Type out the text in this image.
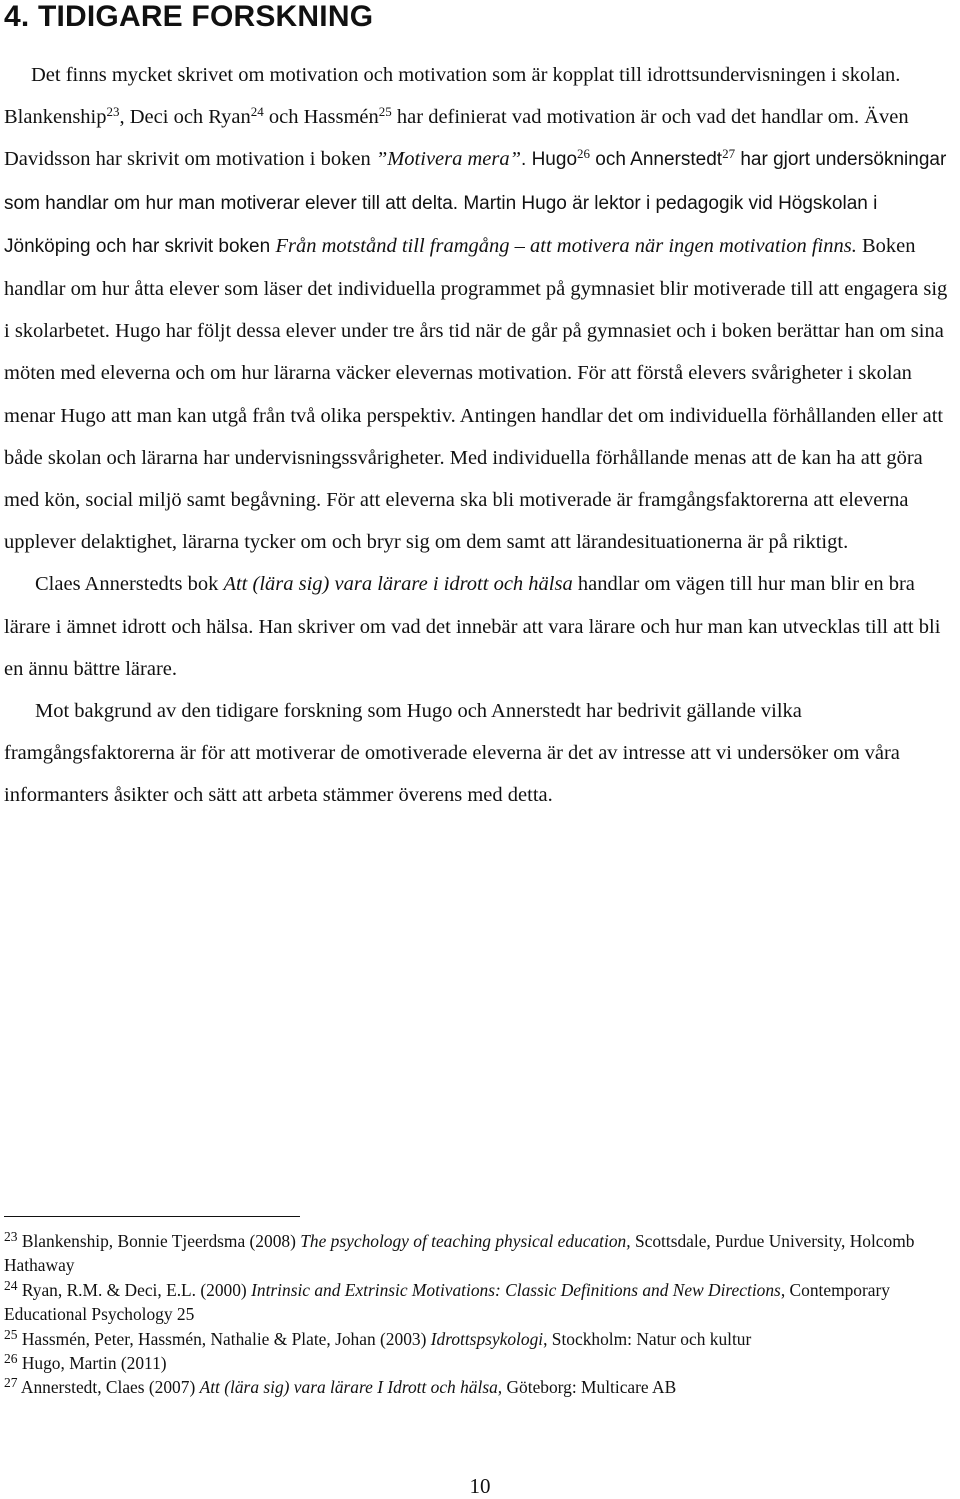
4. TIDIGARE FORSKNING

Det finns mycket skrivet om motivation och motivation som är kopplat till idrottsundervisningen i skolan. Blankenship$^{23}$, Deci och Ryan$^{24}$ och Hassmén$^{25}$ har definierat vad motivation är och vad det handlar om. Även Davidsson har skrivit om motivation i boken ”Motivera mera”. Hugo$^{26}$ och Annerstedt$^{27}$ har gjort undersökningar som handlar om hur man motiverar elever till att delta. Martin Hugo är lektor i pedagogik vid Högskolan i Jönköping och har skrivit boken Från motstånd till framgång – att motivera när ingen motivation finns. Boken handlar om hur åtta elever som läser det individuella programmet på gymnasiet blir motiverade till att engagera sig i skolarbetet. Hugo har följt dessa elever under tre års tid när de går på gymnasiet och i boken berättar han om sina möten med eleverna och om hur lärarna väcker elevernas motivation. För att förstå elevers svårigheter i skolan menar Hugo att man kan utgå från två olika perspektiv. Antingen handlar det om individuella förhållanden eller att både skolan och lärarna har undervisningssvårigheter. Med individuella förhållande menas att de kan ha att göra med kön, social miljö samt begåvning. För att eleverna ska bli motiverade är framgångsfaktorerna att eleverna upplever delaktighet, lärarna tycker om och bryr sig om dem samt att lärandesituationerna är på riktigt.

Claes Annerstedts bok Att (lära sig) vara lärare i idrott och hälsa handlar om vägen till hur man blir en bra lärare i ämnet idrott och hälsa. Han skriver om vad det innebär att vara lärare och hur man kan utvecklas till att bli en ännu bättre lärare.

Mot bakgrund av den tidigare forskning som Hugo och Annerstedt har bedrivit gällande vilka framgångsfaktorerna är för att motiverar de omotiverade eleverna är det av intresse att vi undersöker om våra informanters åsikter och sätt att arbeta stämmer överens med detta.

$^{23}$ Blankenship, Bonnie Tjeerdsma (2008) The psychology of teaching physical education, Scottsdale, Purdue University, Holcomb Hathaway

$^{24}$ Ryan, R.M. & Deci, E.L. (2000) Intrinsic and Extrinsic Motivations: Classic Definitions and New Directions, Contemporary Educational Psychology 25

$^{25}$ Hassmén, Peter, Hassmén, Nathalie & Plate, Johan (2003) Idrottspsykologi, Stockholm: Natur och kultur

$^{26}$ Hugo, Martin (2011)

$^{27}$ Annerstedt, Claes (2007) Att (lära sig) vara lärare I Idrott och hälsa, Göteborg: Multicare AB

10
